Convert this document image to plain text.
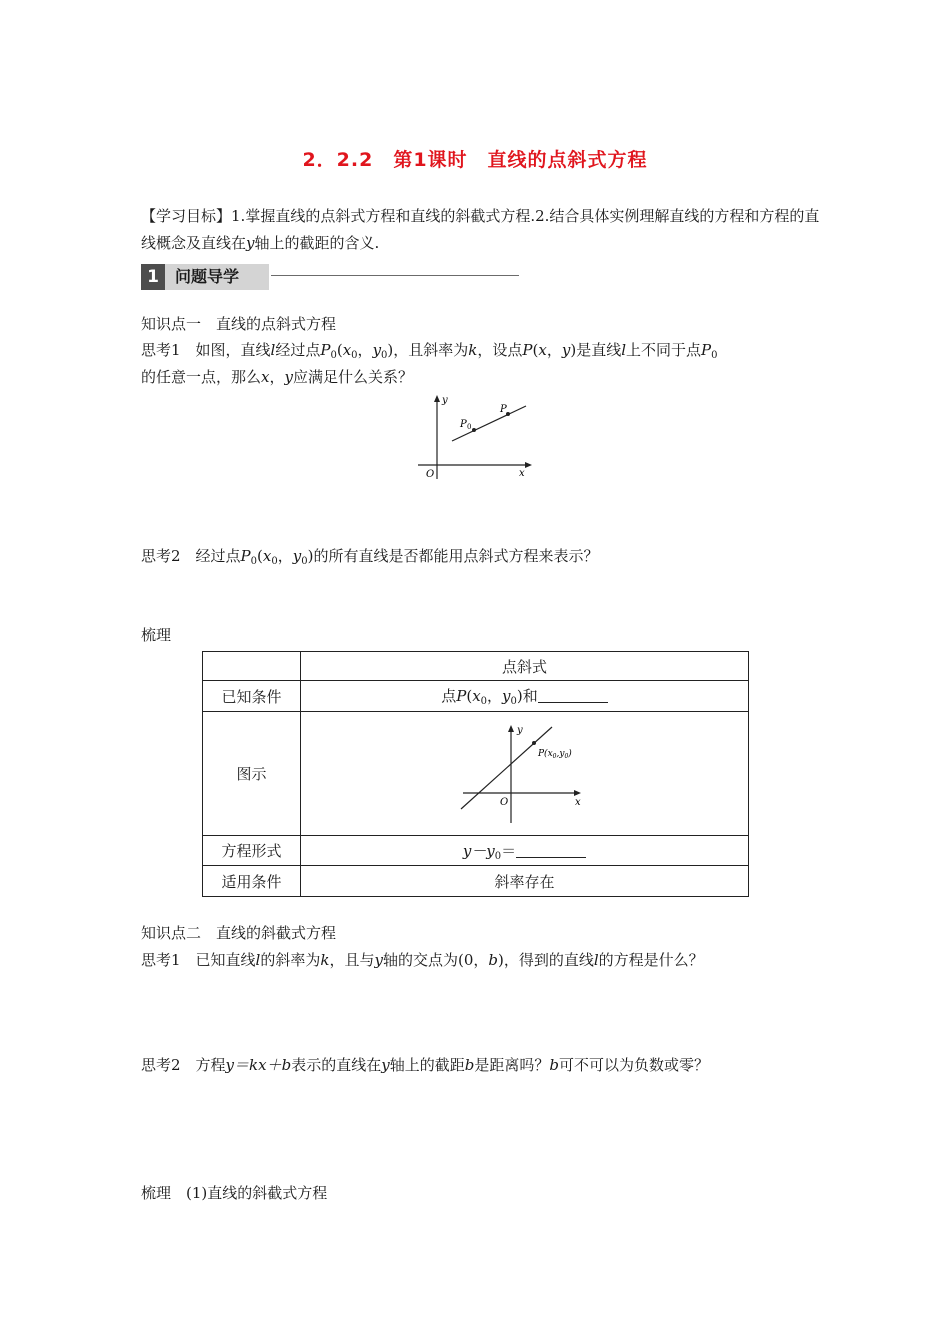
2．2.2　第1课时　直线的点斜式方程
【学习目标】1.掌握直线的点斜式方程和直线的斜截式方程.2.结合具体实例理解直线的方程和方程的直线概念及直线在y轴上的截距的含义.
1	问题导学
知识点一　直线的点斜式方程
思考1　如图，直线l经过点$P_0(x_0$，$y_0$)，且斜率为k，设点P(x，y)是直线l上不同于点$P_0$
的任意一点，那么x，y应满足什么关系？
y
x
O
P 0
P
思考2　经过点$P_0(x_0$，$y_0$)的所有直线是否都能用点斜式方程来表示？
梳理
	点斜式
已知条件	点$P(x_0$，$y_0$)和
图示	y
x
O
$P(x_0,y_0)$

方程形式	$y-y_0=$
适用条件	斜率存在
知识点二　直线的斜截式方程
思考1　已知直线l的斜率为k，且与y轴的交点为(0，b)，得到的直线l的方程是什么？
思考2　方程y＝kx＋b表示的直线在y轴上的截距b是距离吗？b可不可以为负数或零？
梳理　(1)直线的斜截式方程
